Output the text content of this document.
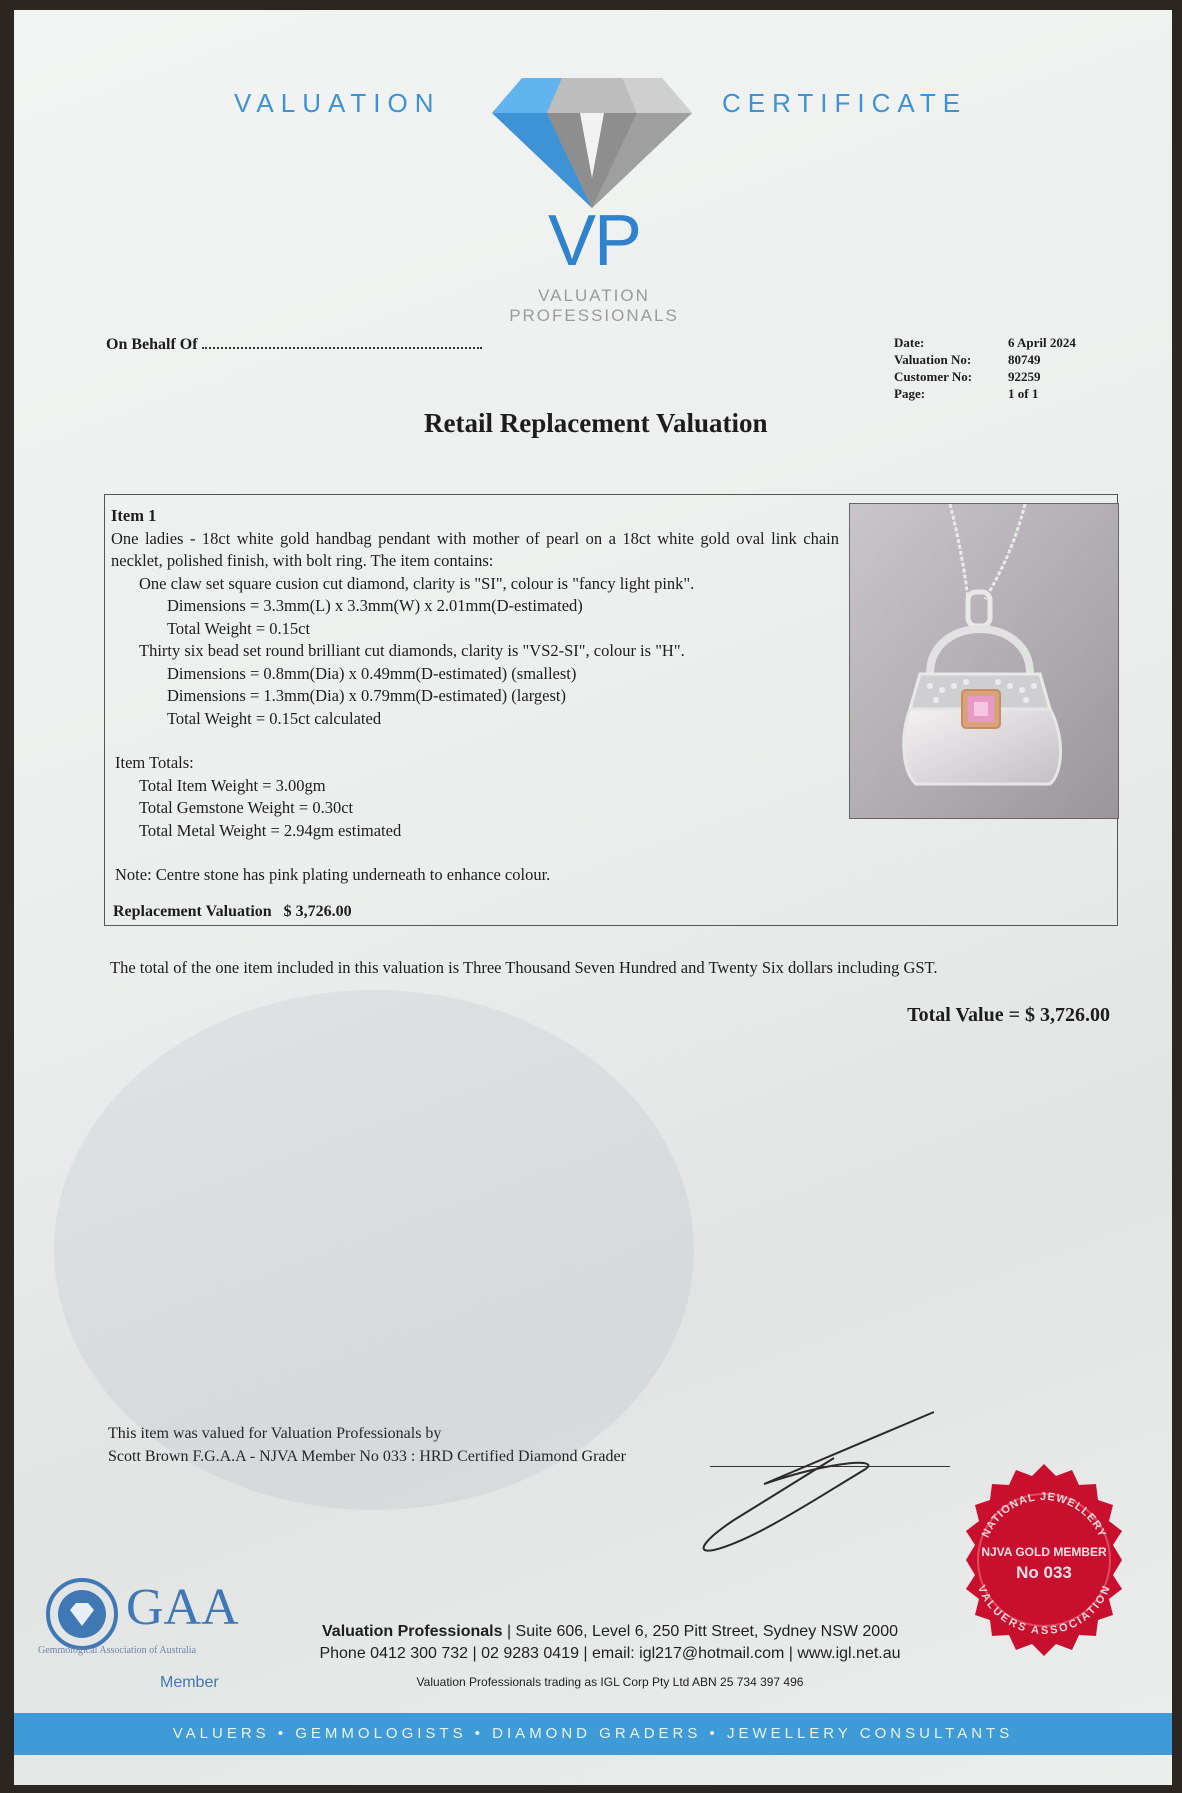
VALUATION	CERTIFICATE
VP
VALUATION
PROFESSIONALS
On Behalf Of	Date:	6 April 2024
Valuation No:	80749
Customer No:	92259
Page:	1 of 1
Retail Replacement Valuation

Item 1

One ladies - 18ct white gold handbag pendant with mother of pearl on a 18ct white gold oval link chain necklet, polished finish, with bolt ring. The item contains:

One claw set square cusion cut diamond, clarity is "SI", colour is "fancy light pink".

Dimensions = 3.3mm(L) x 3.3mm(W) x 2.01mm(D-estimated)

Total Weight = 0.15ct

Thirty six bead set round brilliant cut diamonds, clarity is "VS2-SI", colour is "H".

Dimensions = 0.8mm(Dia) x 0.49mm(D-estimated) (smallest)

Dimensions = 1.3mm(Dia) x 0.79mm(D-estimated) (largest)

Total Weight = 0.15ct calculated

Item Totals:

Total Item Weight = 3.00gm

Total Gemstone Weight = 0.30ct

Total Metal Weight = 2.94gm estimated

Note: Centre stone has pink plating underneath to enhance colour.

Replacement Valuation $ 3,726.00
The total of the one item included in this valuation is Three Thousand Seven Hundred and Twenty Six dollars including GST.
Total Value = $ 3,726.00
This item was valued for Valuation Professionals by
Scott Brown F.G.A.A - NJVA Member No 033 : HRD Certified Diamond Grader
NATIONAL JEWELLERY
VALUERS ASSOCIATION
NJVA GOLD MEMBER
No 033
GAA
Gemmological Association of Australia
Member
Valuation Professionals | Suite 606, Level 6, 250 Pitt Street, Sydney NSW 2000
Phone 0412 300 732 | 02 9283 0419 | email: igl217@hotmail.com | www.igl.net.au
Valuation Professionals trading as IGL Corp Pty Ltd ABN 25 734 397 496
VALUERS • GEMMOLOGISTS • DIAMOND GRADERS • JEWELLERY CONSULTANTS
